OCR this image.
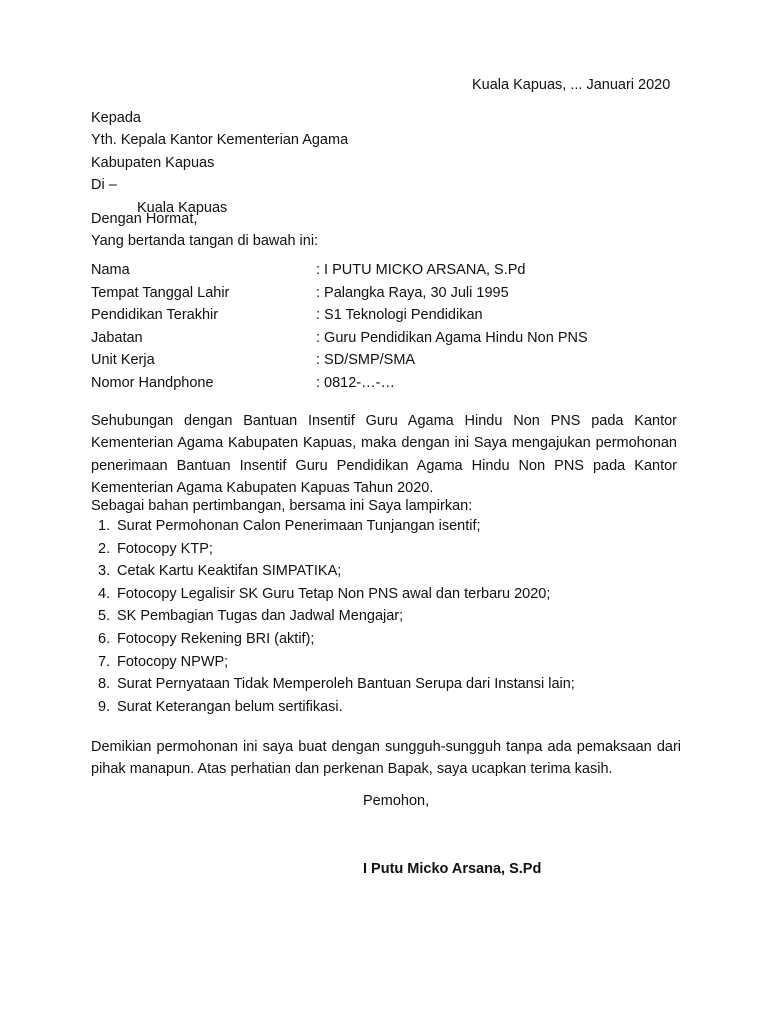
Kuala Kapuas, ... Januari 2020
Kepada
Yth. Kepala Kantor Kementerian Agama
Kabupaten Kapuas
Di –
Kuala Kapuas
Dengan Hormat,
Yang bertanda tangan di bawah ini:
Nama	: I PUTU MICKO ARSANA, S.Pd
Tempat Tanggal Lahir	: Palangka Raya, 30 Juli 1995
Pendidikan Terakhir	: S1 Teknologi Pendidikan
Jabatan	: Guru Pendidikan Agama Hindu Non PNS
Unit Kerja	: SD/SMP/SMA
Nomor Handphone	: 0812-…-…
Sehubungan dengan Bantuan Insentif Guru Agama Hindu Non PNS pada Kantor Kementerian Agama Kabupaten Kapuas, maka dengan ini Saya mengajukan permohonan penerimaan Bantuan Insentif Guru Pendidikan Agama Hindu Non PNS pada Kantor Kementerian Agama Kabupaten Kapuas Tahun 2020.
Sebagai bahan pertimbangan, bersama ini Saya lampirkan:
1. Surat Permohonan Calon Penerimaan Tunjangan isentif;
2. Fotocopy KTP;
3. Cetak Kartu Keaktifan SIMPATIKA;
4. Fotocopy Legalisir SK Guru Tetap Non PNS awal dan terbaru 2020;
5. SK Pembagian Tugas dan Jadwal Mengajar;
6. Fotocopy Rekening BRI (aktif);
7. Fotocopy NPWP;
8. Surat Pernyataan Tidak Memperoleh Bantuan Serupa dari Instansi lain;
9. Surat Keterangan belum sertifikasi.
Demikian permohonan ini saya buat dengan sungguh-sungguh tanpa ada pemaksaan dari pihak manapun. Atas perhatian dan perkenan Bapak, saya ucapkan terima kasih.
Pemohon,
I Putu Micko Arsana, S.Pd
